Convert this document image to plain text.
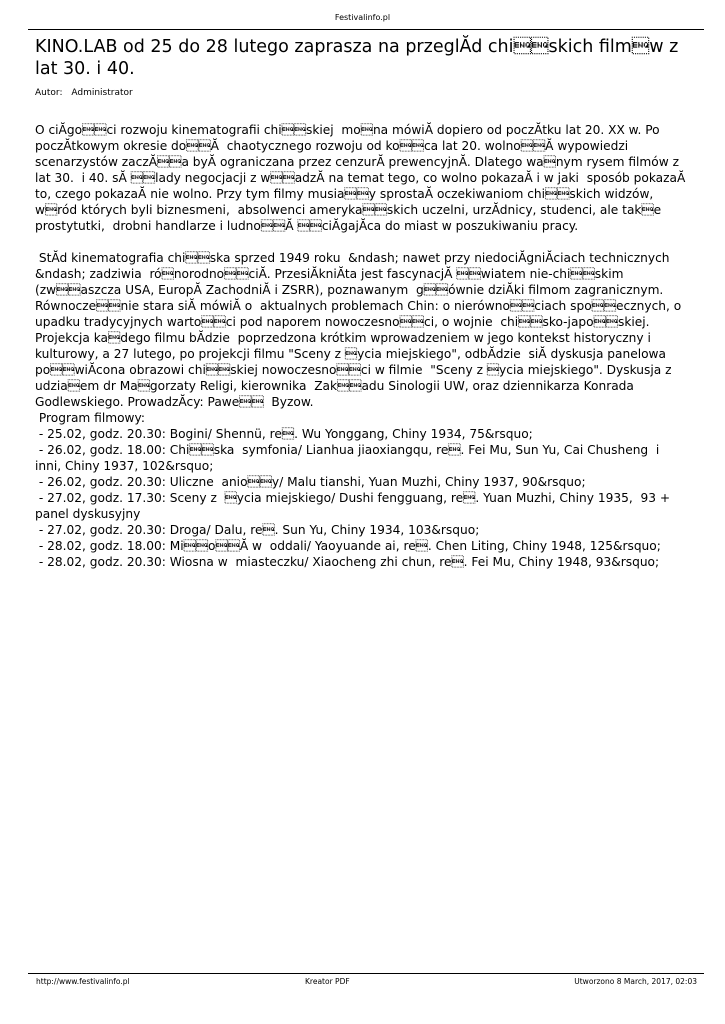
Festivalinfo.pl
KINO.LAB od 25 do 28 lutego zaprasza na przeglĂd chiskich filmw z lat 30. i 40.
Autor: Administrator

O ciĂgoci rozwoju kinematografii chiskiej  mona mówiĂ dopiero od poczĂtku lat 20. XX w. Po poczĂtkowym okresie doĂ  chaotycznego rozwoju od koca lat 20. wolnoĂ wypowiedzi scenarzystów zaczĂa byĂ ograniczana przez cenzurĂ prewencyjnĂ. Dlatego wanym rysem filmów z lat 30.  i 40. sĂ lady negocjacji z wadzĂ na temat tego, co wolno pokazaĂ i w jaki  sposób pokazaĂ to, czego pokazaĂ nie wolno. Przy tym filmy musiay sprostaĂ oczekiwaniom chiskich widzów, wród których byli biznesmeni,  absolwenci amerykaskich uczelni, urzĂdnicy, studenci, ale take prostytutki,  drobni handlarze i ludnoĂ ciĂgajĂca do miast w poszukiwaniu pracy.

StĂd kinematografia chiska sprzed 1949 roku  &ndash; nawet przy niedociĂgniĂciach technicznych &ndash; zadziwia  rónorodnociĂ. PrzesiĂkniĂta jest fascynacjĂ wiatem nie-chiskim (zwaszcza USA, EuropĂ ZachodniĂ i ZSRR), poznawanym  gównie dziĂki filmom zagranicznym. Równoczenie stara siĂ mówiĂ o  aktualnych problemach Chin: o nierównociach spoecznych, o  upadku tradycyjnych wartoci pod naporem nowoczesnoci, o wojnie  chisko-japoskiej.   Projekcja kadego filmu bĂdzie  poprzedzona krótkim wprowadzeniem w jego kontekst historyczny i  kulturowy, a 27 lutego, po projekcji filmu "Sceny z ycia miejskiego", odbĂdzie  siĂ dyskusja panelowa powiĂcona obrazowi chiskiej nowoczesnoci w filmie  "Sceny z ycia miejskiego". Dyskusja z udziaem dr Magorzaty Religi, kierownika  Zakadu Sinologii UW, oraz dziennikarza Konrada Godlewskiego. ProwadzĂcy: Pawe  Byzow.

Program filmowy:

- 25.02, godz. 20.30: Bogini/ Shennü, re. Wu Yonggang, Chiny 1934, 75&rsquo;

- 26.02, godz. 18.00: Chiska  symfonia/ Lianhua jiaoxiangqu, re. Fei Mu, Sun Yu, Cai Chusheng  i inni, Chiny 1937, 102&rsquo;

- 26.02, godz. 20.30: Uliczne  anioy/ Malu tianshi, Yuan Muzhi, Chiny 1937, 90&rsquo;

- 27.02, godz. 17.30: Sceny z  ycia miejskiego/ Dushi fengguang, re. Yuan Muzhi, Chiny 1935,  93 + panel dyskusyjny

- 27.02, godz. 20.30: Droga/ Dalu, re. Sun Yu, Chiny 1934, 103&rsquo;

- 28.02, godz. 18.00: MioĂ w  oddali/ Yaoyuande ai, re. Chen Liting, Chiny 1948, 125&rsquo;

- 28.02, godz. 20.30: Wiosna w  miasteczku/ Xiaocheng zhi chun, re. Fei Mu, Chiny 1948, 93&rsquo;

http://www.festivalinfo.pl	Kreator PDF	Utworzono 8 March, 2017, 02:03
